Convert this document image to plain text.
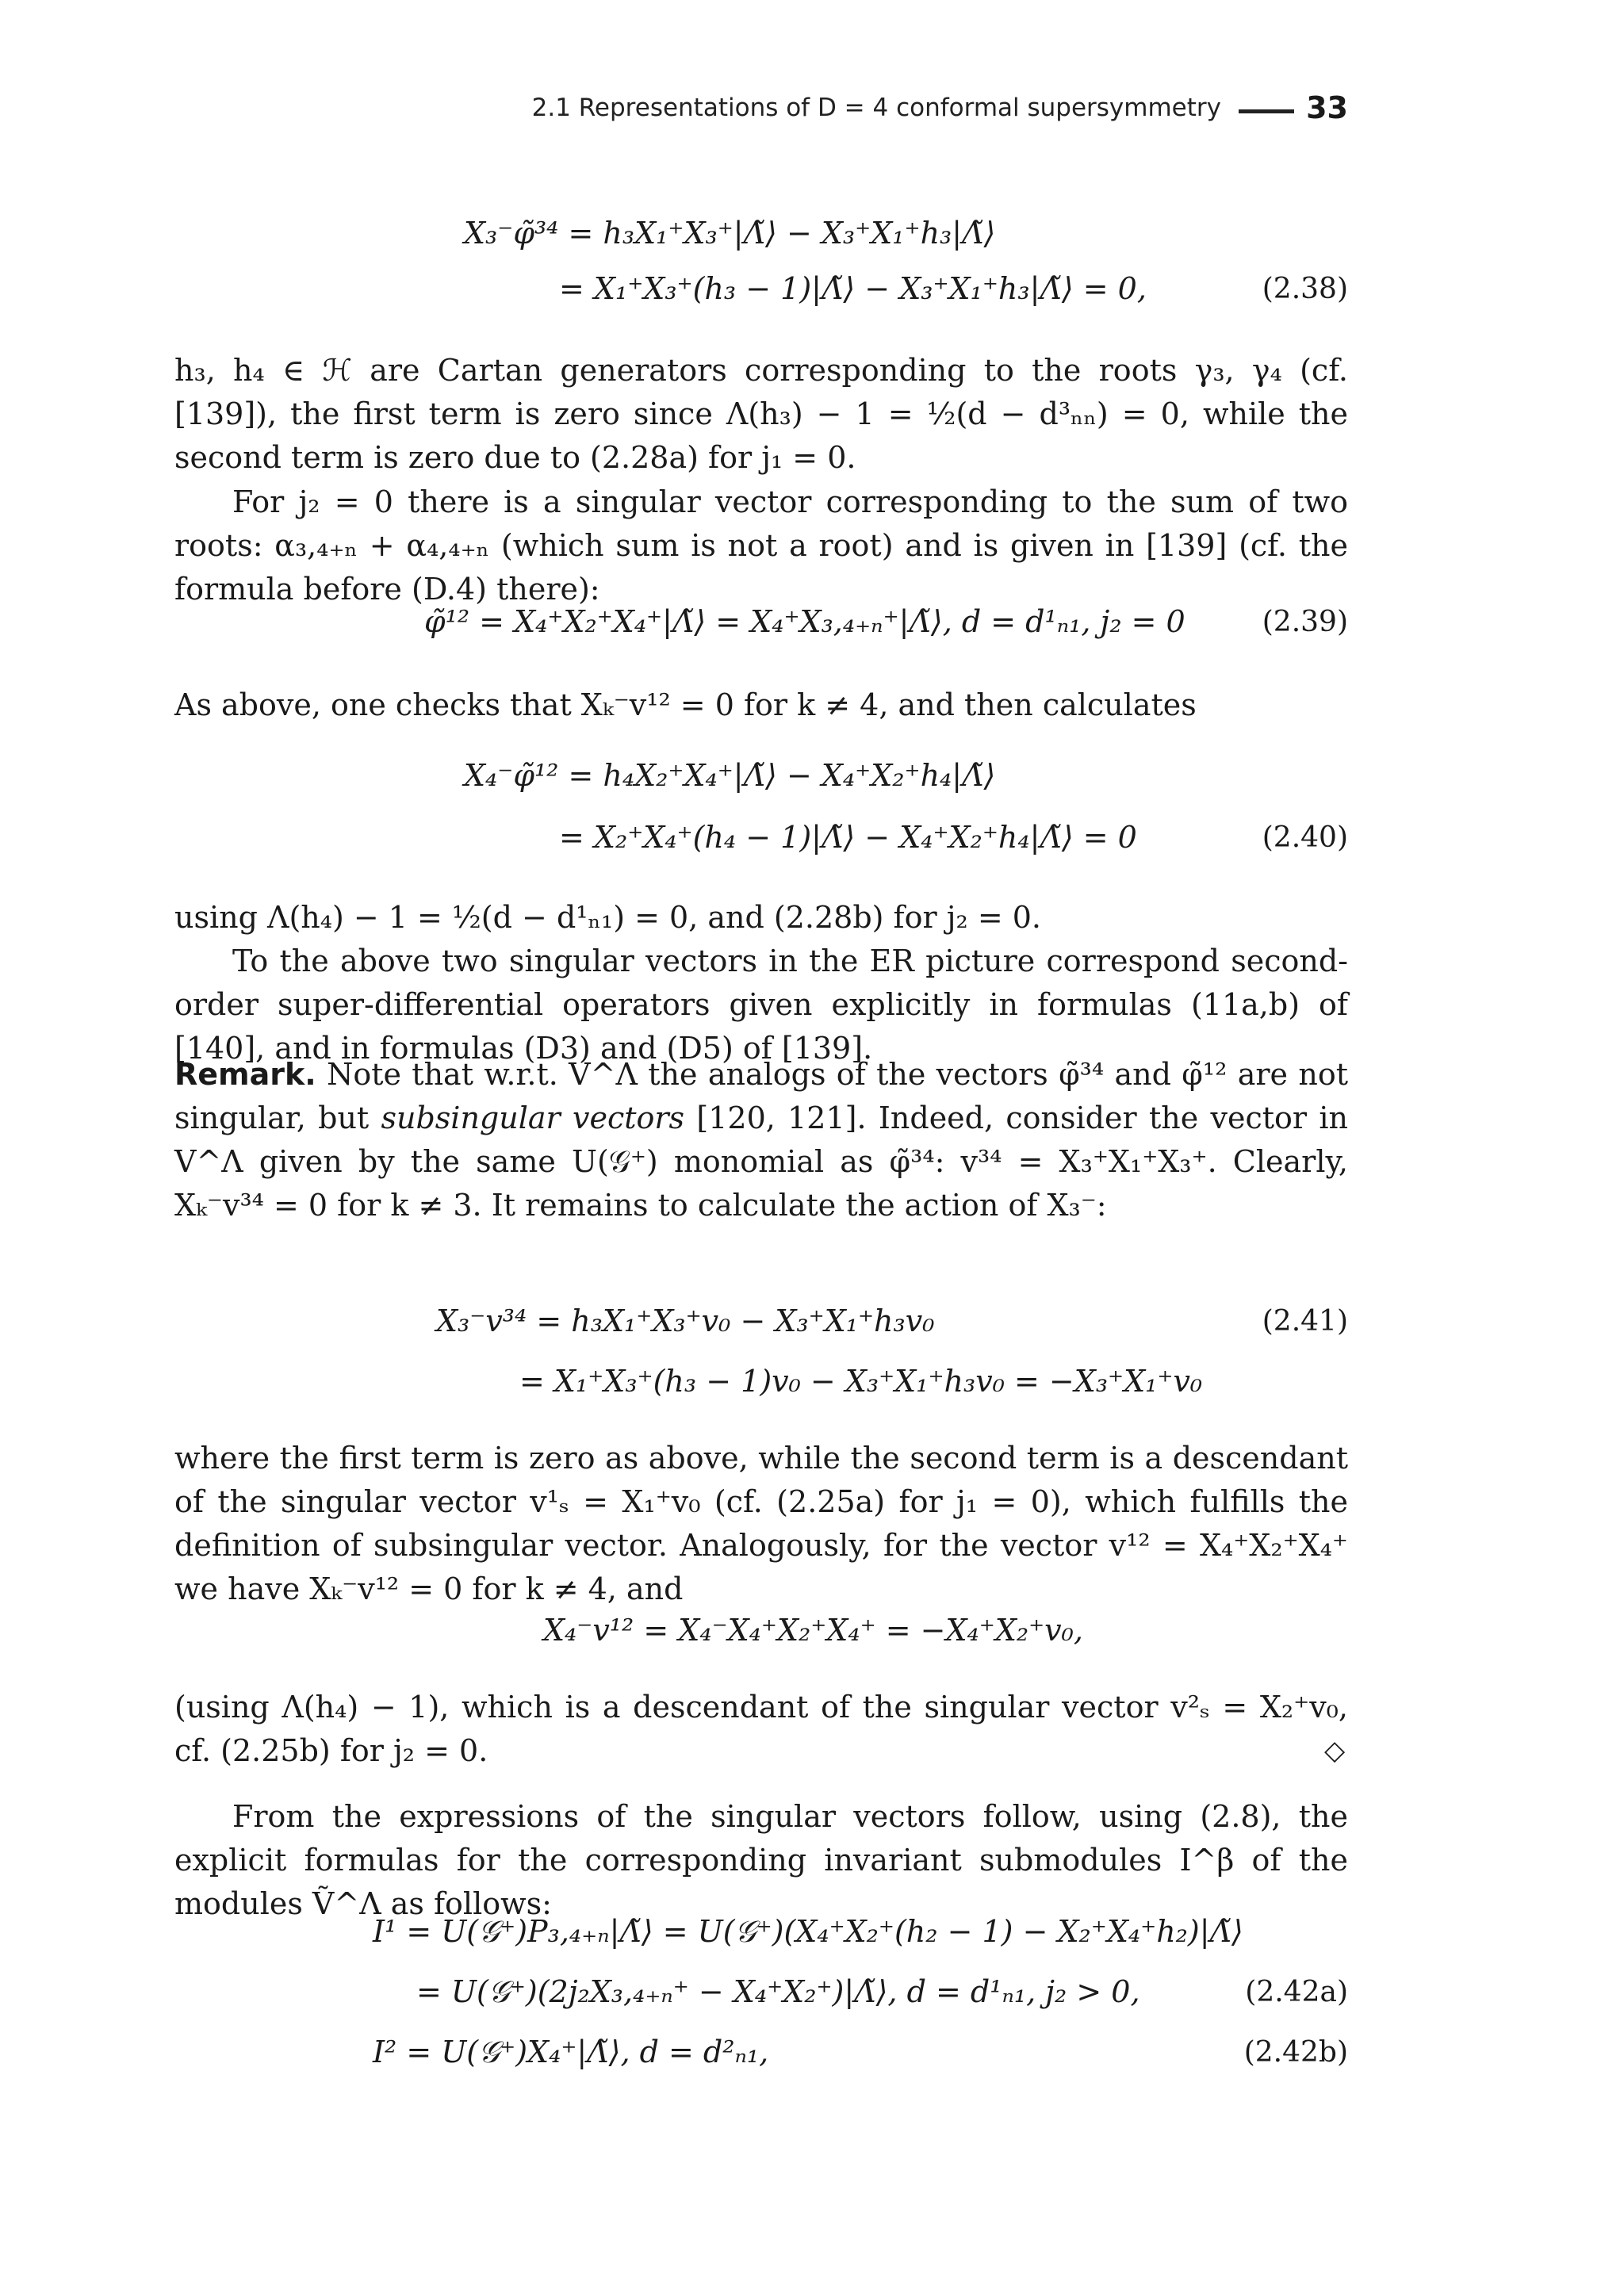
2.1 Representations of D = 4 conformal supersymmetry	33
X₃⁻φ̃³⁴ = h₃X₁⁺X₃⁺|Λ̃⟩ − X₃⁺X₁⁺h₃|Λ̃⟩
= X₁⁺X₃⁺(h₃ − 1)|Λ̃⟩ − X₃⁺X₁⁺h₃|Λ̃⟩ = 0,	(2.38)

h₃, h₄ ∈ ℋ are Cartan generators corresponding to the roots γ₃, γ₄ (cf. [139]), the first term is zero since Λ(h₃) − 1 = ½(d − d³ₙₙ) = 0, while the second term is zero due to (2.28a) for j₁ = 0.

For j₂ = 0 there is a singular vector corresponding to the sum of two roots: α₃,₄₊ₙ + α₄,₄₊ₙ (which sum is not a root) and is given in [139] (cf. the formula before (D.4) there):

φ̃¹² = X₄⁺X₂⁺X₄⁺|Λ̃⟩ = X₄⁺X₃,₄₊ₙ⁺|Λ̃⟩, d = d¹ₙ₁, j₂ = 0	(2.39)

As above, one checks that Xₖ⁻v¹² = 0 for k ≠ 4, and then calculates

X₄⁻φ̃¹² = h₄X₂⁺X₄⁺|Λ̃⟩ − X₄⁺X₂⁺h₄|Λ̃⟩
= X₂⁺X₄⁺(h₄ − 1)|Λ̃⟩ − X₄⁺X₂⁺h₄|Λ̃⟩ = 0	(2.40)

using Λ(h₄) − 1 = ½(d − d¹ₙ₁) = 0, and (2.28b) for j₂ = 0.

To the above two singular vectors in the ER picture correspond second-order super-differential operators given explicitly in formulas (11a,b) of [140], and in formulas (D3) and (D5) of [139].

Remark. Note that w.r.t. V^Λ the analogs of the vectors φ̃³⁴ and φ̃¹² are not singular, but subsingular vectors [120, 121]. Indeed, consider the vector in V^Λ given by the same U(𝒢⁺) monomial as φ̃³⁴: v³⁴ = X₃⁺X₁⁺X₃⁺. Clearly, Xₖ⁻v³⁴ = 0 for k ≠ 3. It remains to calculate the action of X₃⁻:

X₃⁻v³⁴ = h₃X₁⁺X₃⁺v₀ − X₃⁺X₁⁺h₃v₀	(2.41)
= X₁⁺X₃⁺(h₃ − 1)v₀ − X₃⁺X₁⁺h₃v₀ = −X₃⁺X₁⁺v₀

where the first term is zero as above, while the second term is a descendant of the singular vector v¹ₛ = X₁⁺v₀ (cf. (2.25a) for j₁ = 0), which fulfills the definition of subsingular vector. Analogously, for the vector v¹² = X₄⁺X₂⁺X₄⁺ we have Xₖ⁻v¹² = 0 for k ≠ 4, and

X₄⁻v¹² = X₄⁻X₄⁺X₂⁺X₄⁺ = −X₄⁺X₂⁺v₀,

(using Λ(h₄) − 1), which is a descendant of the singular vector v²ₛ = X₂⁺v₀, cf. (2.25b) for j₂ = 0.	◇

From the expressions of the singular vectors follow, using (2.8), the explicit formulas for the corresponding invariant submodules I^β of the modules Ṽ^Λ as follows:

I¹ = U(𝒢⁺)P₃,₄₊ₙ|Λ̃⟩ = U(𝒢⁺)(X₄⁺X₂⁺(h₂ − 1) − X₂⁺X₄⁺h₂)|Λ̃⟩
= U(𝒢⁺)(2j₂X₃,₄₊ₙ⁺ − X₄⁺X₂⁺)|Λ̃⟩, d = d¹ₙ₁, j₂ > 0,	(2.42a)
I² = U(𝒢⁺)X₄⁺|Λ̃⟩, d = d²ₙ₁,	(2.42b)
